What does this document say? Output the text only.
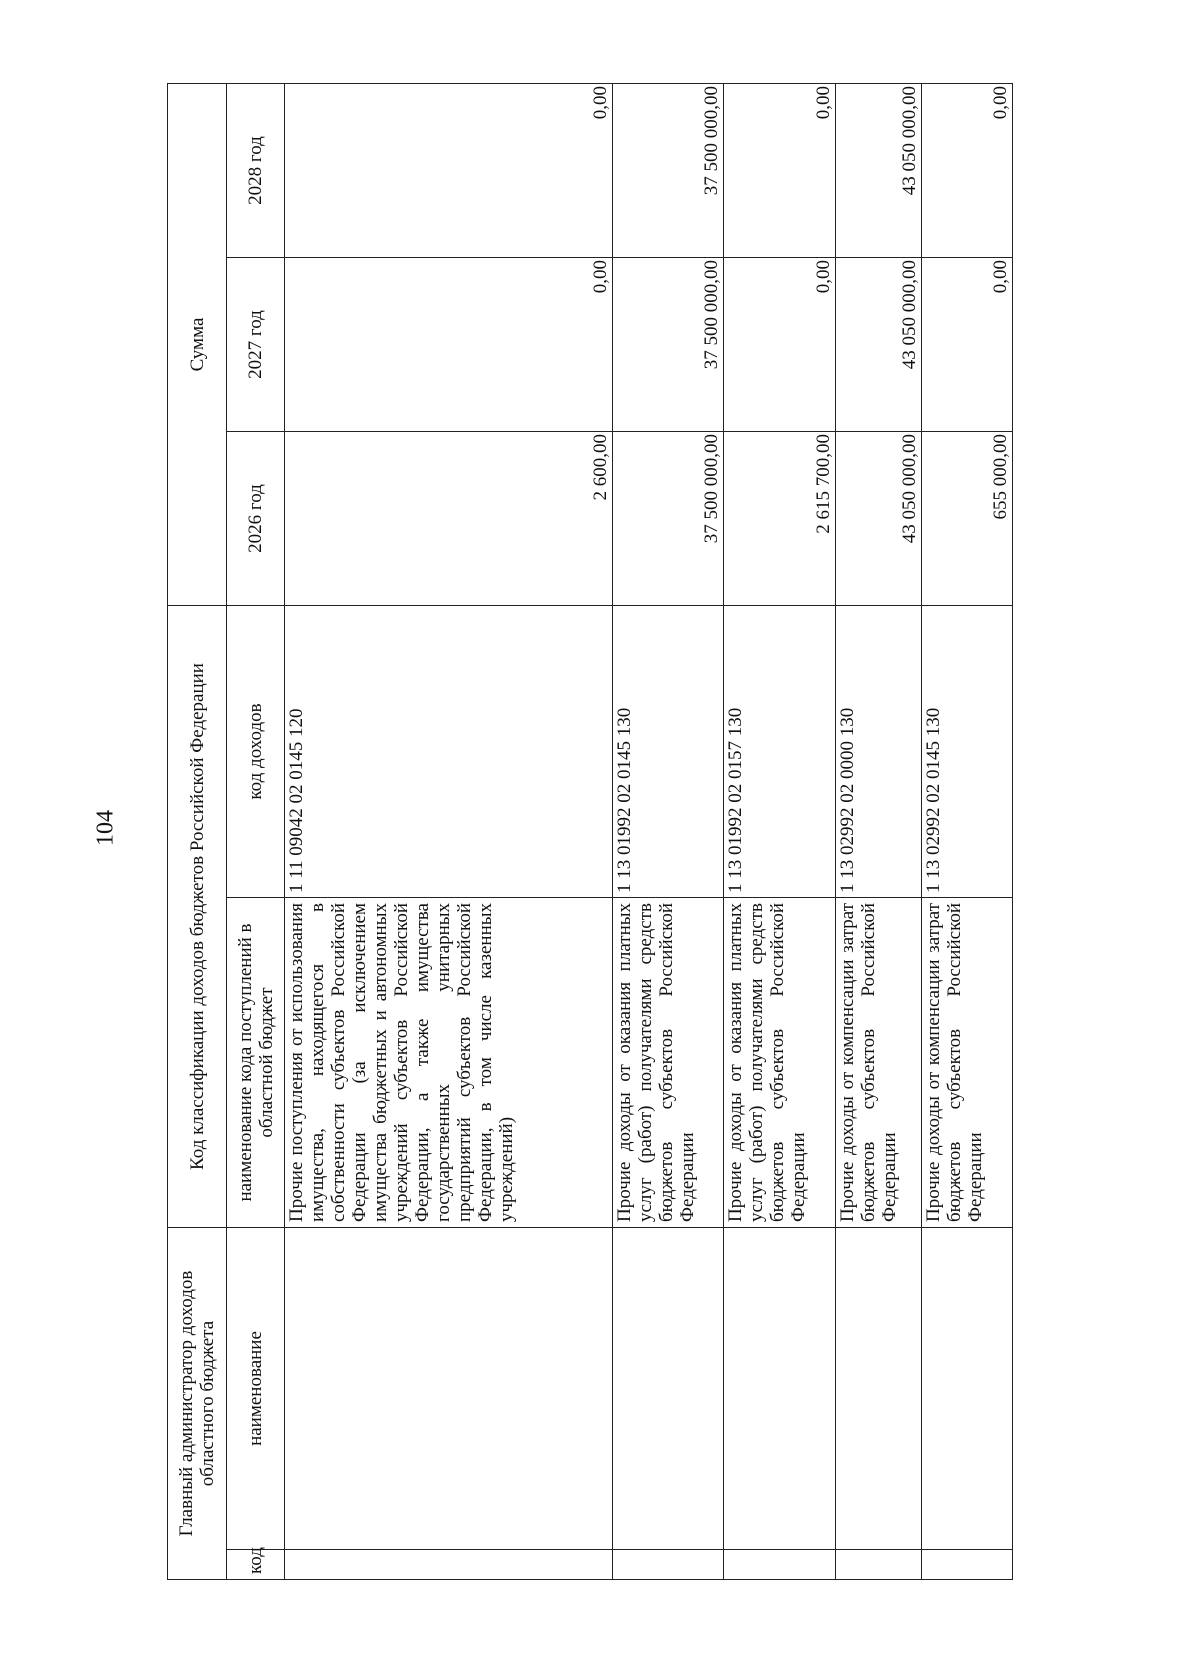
104
Главный администратор доходов областного бюджета		Код классификации доходов бюджетов Российской Федерации		Сумма		
код	наименование	наименование кода поступлений в областной бюджет	код доходов	2026 год	2027 год	2028 год
		Прочие поступления от использования имущества, находящегося в собственности субъектов Российской Федерации (за исключением имущества бюджетных и автономных учреждений субъектов Российской Федерации, а также имущества государственных унитарных предприятий субъектов Российской Федерации, в том числе казенных учреждений)	1 11 09042 02 0145 120	2 600,00	0,00	0,00
		Прочие доходы от оказания платных услуг (работ) получателями средств бюджетов субъектов Российской Федерации	1 13 01992 02 0145 130	37 500 000,00	37 500 000,00	37 500 000,00
		Прочие доходы от оказания платных услуг (работ) получателями средств бюджетов субъектов Российской Федерации	1 13 01992 02 0157 130	2 615 700,00	0,00	0,00
		Прочие доходы от компенсации затрат бюджетов субъектов Российской Федерации	1 13 02992 02 0000 130	43 050 000,00	43 050 000,00	43 050 000,00
		Прочие доходы от компенсации затрат бюджетов субъектов Российской Федерации	1 13 02992 02 0145 130	655 000,00	0,00	0,00
